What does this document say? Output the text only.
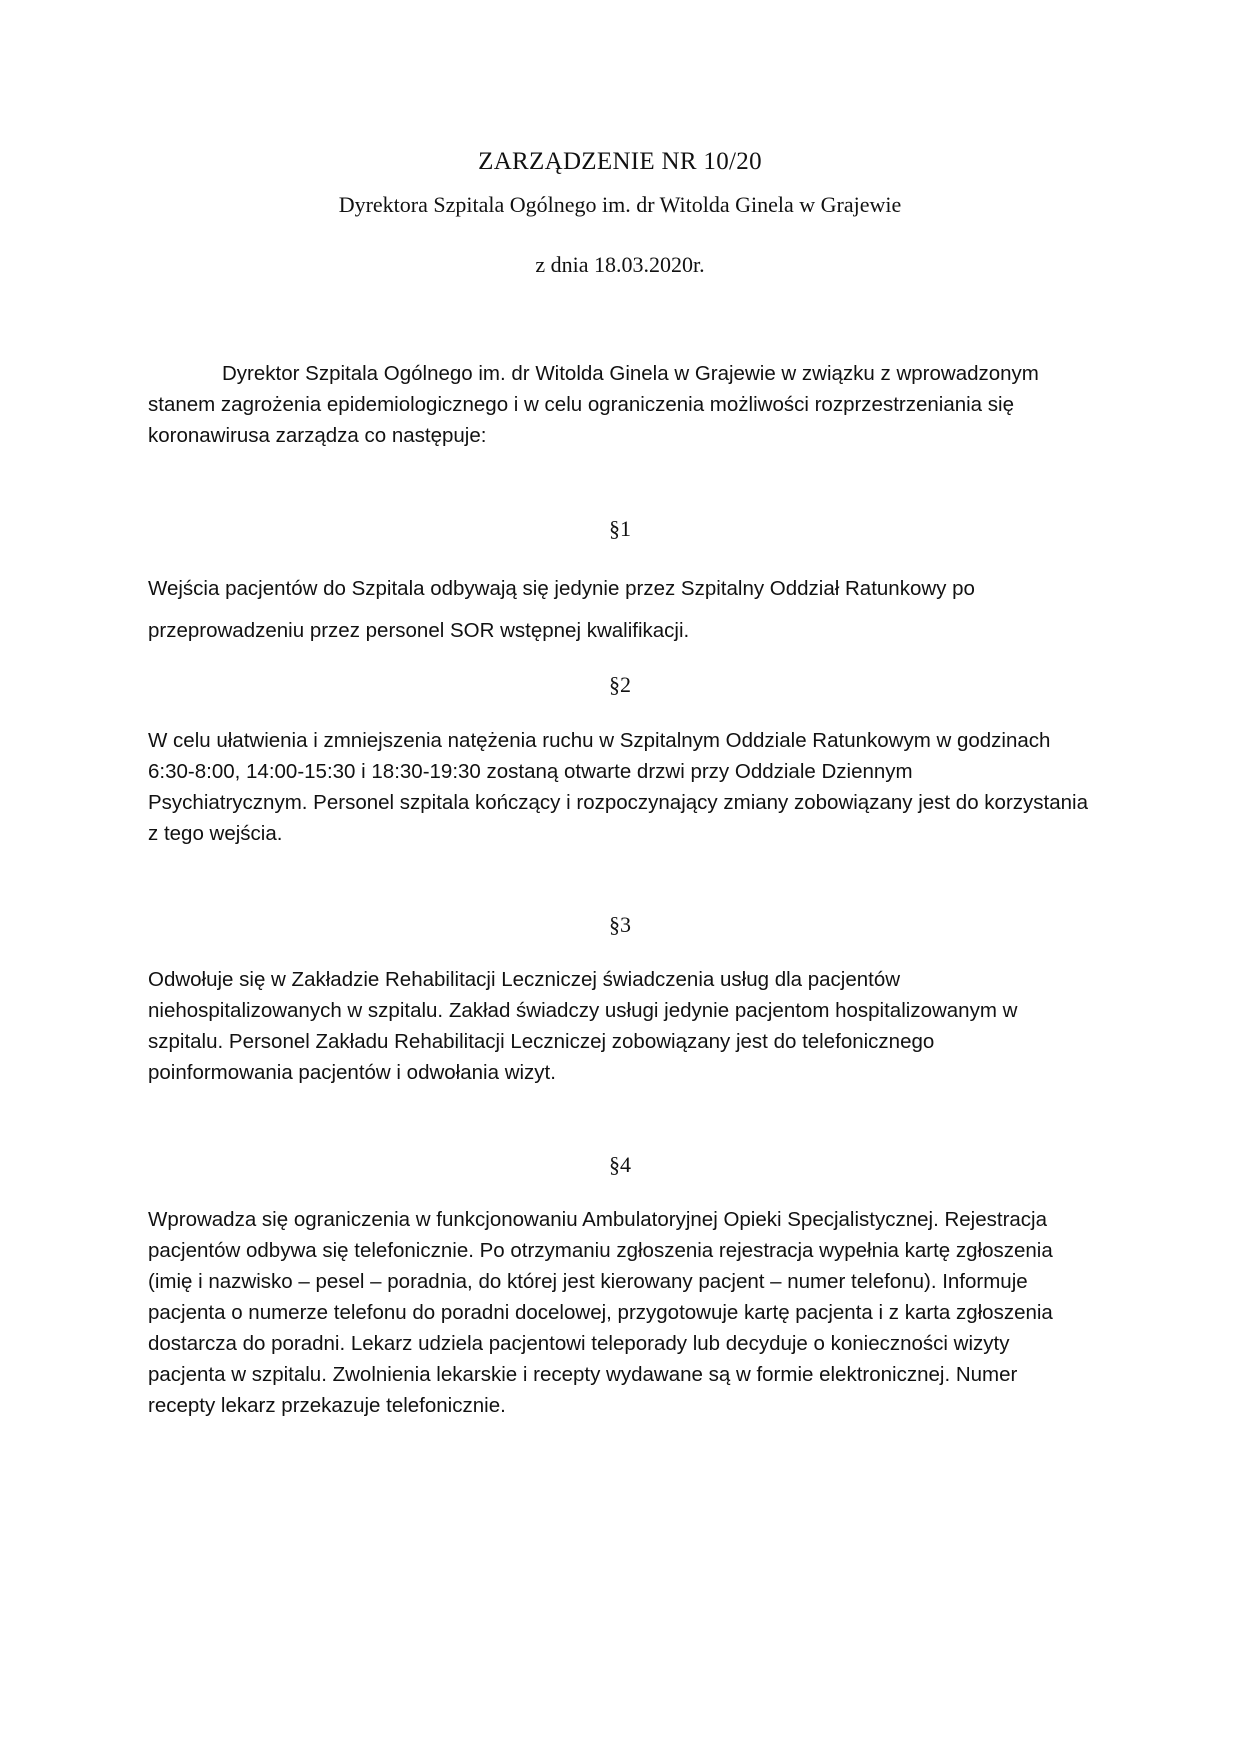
ZARZĄDZENIE NR 10/20
Dyrektora Szpitala Ogólnego im. dr Witolda Ginela w Grajewie
z dnia 18.03.2020r.
Dyrektor Szpitala Ogólnego im. dr Witolda Ginela w Grajewie w związku z wprowadzonym
stanem zagrożenia epidemiologicznego i w celu ograniczenia możliwości rozprzestrzeniania się
koronawirusa zarządza co następuje:
§1
Wejścia pacjentów do Szpitala odbywają się jedynie przez Szpitalny Oddział Ratunkowy po
przeprowadzeniu przez personel SOR wstępnej kwalifikacji.
§2
W celu ułatwienia i zmniejszenia natężenia ruchu w Szpitalnym Oddziale Ratunkowym w godzinach
6:30-8:00, 14:00-15:30 i 18:30-19:30 zostaną otwarte drzwi przy Oddziale Dziennym
Psychiatrycznym. Personel szpitala kończący i rozpoczynający zmiany zobowiązany jest do korzystania
z tego wejścia.
§3
Odwołuje się w Zakładzie Rehabilitacji Leczniczej świadczenia usług dla pacjentów
niehospitalizowanych w szpitalu. Zakład świadczy usługi jedynie pacjentom hospitalizowanym w
szpitalu. Personel Zakładu Rehabilitacji Leczniczej zobowiązany jest do telefonicznego
poinformowania pacjentów i odwołania wizyt.
§4
Wprowadza się ograniczenia w funkcjonowaniu Ambulatoryjnej Opieki Specjalistycznej. Rejestracja
pacjentów odbywa się telefonicznie. Po otrzymaniu zgłoszenia rejestracja wypełnia kartę zgłoszenia
(imię i nazwisko – pesel – poradnia, do której jest kierowany pacjent – numer telefonu). Informuje
pacjenta o numerze telefonu do poradni docelowej, przygotowuje kartę pacjenta i z karta zgłoszenia
dostarcza do poradni. Lekarz udziela pacjentowi teleporady lub decyduje o konieczności wizyty
pacjenta w szpitalu. Zwolnienia lekarskie i recepty wydawane są w formie elektronicznej. Numer
recepty lekarz przekazuje telefonicznie.
